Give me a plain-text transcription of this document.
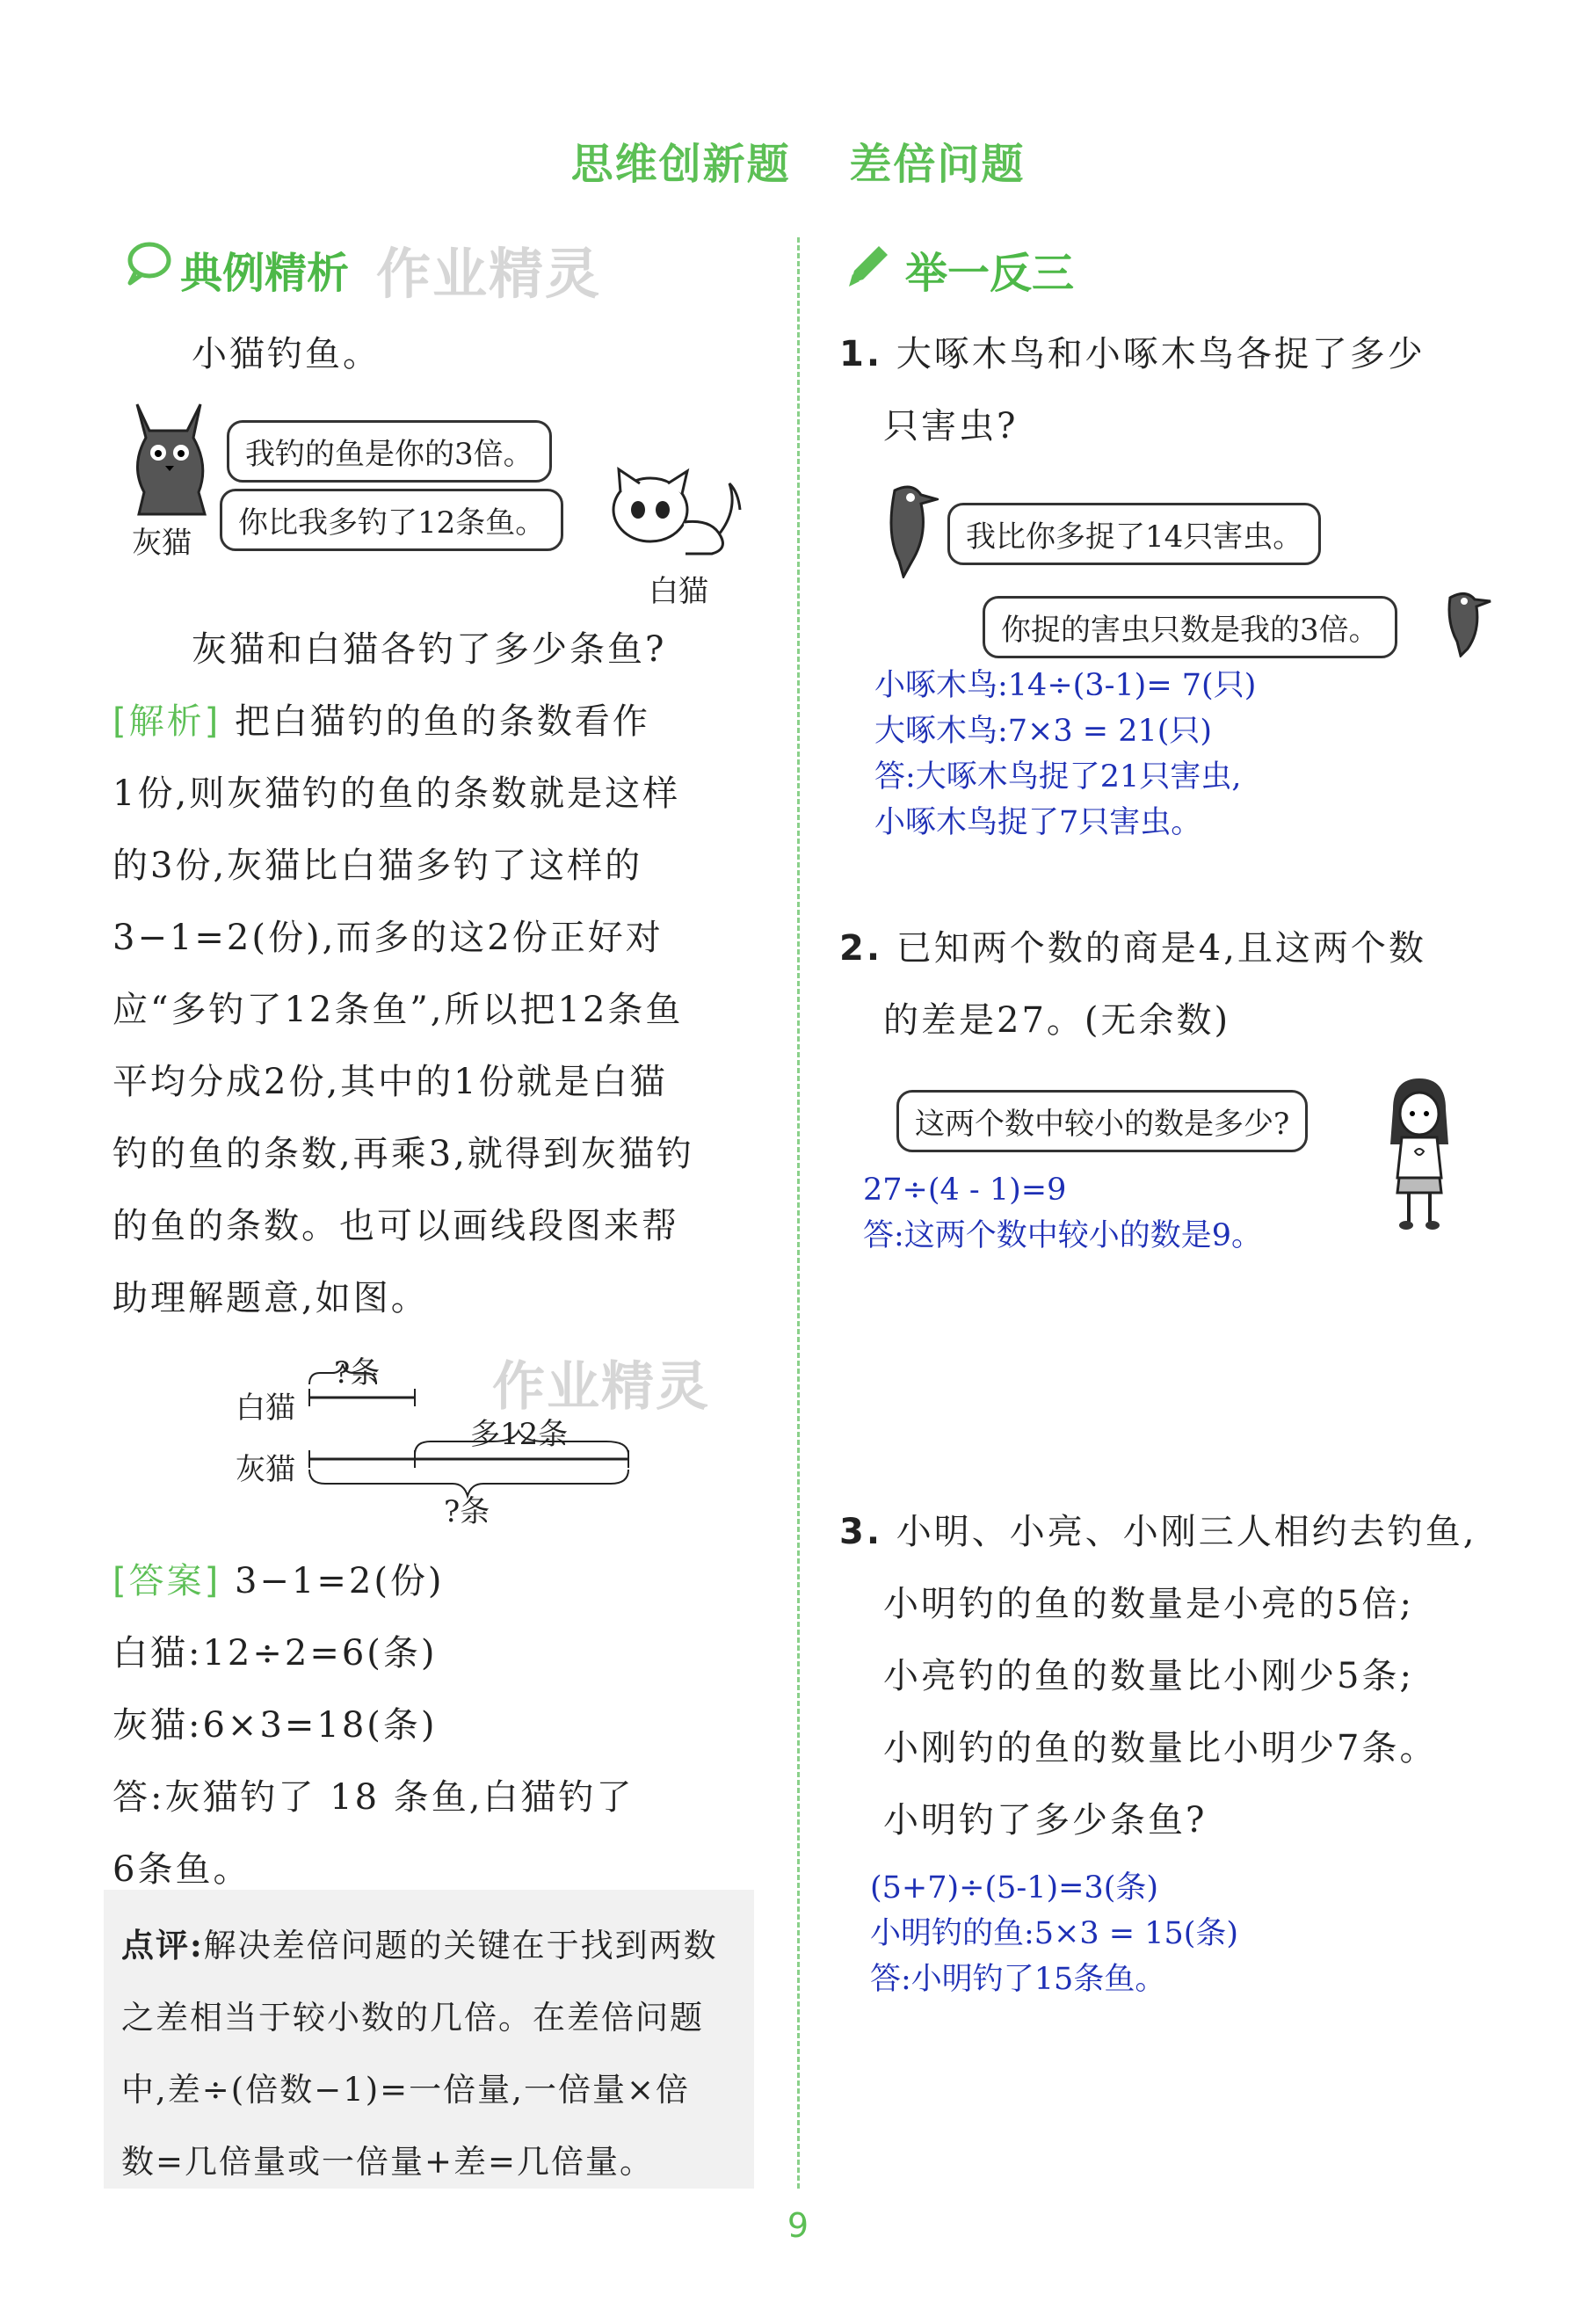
思维创新题 差倍问题
典例精析 作业精灵
小猫钓鱼。
灰猫
我钓的鱼是你的3倍。
你比我多钓了12条鱼。
白猫
灰猫和白猫各钓了多少条鱼?
[解析] 把白猫钓的鱼的条数看作
1份,则灰猫钓的鱼的条数就是这样
的3份,灰猫比白猫多钓了这样的
3−1=2(份),而多的这2份正好对
应“多钓了12条鱼”,所以把12条鱼
平均分成2份,其中的1份就是白猫
钓的鱼的条数,再乘3,就得到灰猫钓
的鱼的条数。也可以画线段图来帮
助理解题意,如图。
?条
白猫
多12条
灰猫
?条
作业精灵
[答案] 3−1=2(份)
白猫:12÷2=6(条)
灰猫:6×3=18(条)
答:灰猫钓了 18 条鱼,白猫钓了
6条鱼。
点评:解决差倍问题的关键在于找到两数
之差相当于较小数的几倍。在差倍问题
中,差÷(倍数−1)=一倍量,一倍量×倍
数=几倍量或一倍量+差=几倍量。
举一反三
1. 大啄木鸟和小啄木鸟各捉了多少
只害虫?
我比你多捉了14只害虫。
你捉的害虫只数是我的3倍。
小啄木鸟:14÷(3-1)= 7(只)
大啄木鸟:7×3 = 21(只)
答:大啄木鸟捉了21只害虫,
小啄木鸟捉了7只害虫。
2. 已知两个数的商是4,且这两个数
的差是27。(无余数)
这两个数中较小的数是多少?
27÷(4 - 1)=9
答:这两个数中较小的数是9。
3. 小明、小亮、小刚三人相约去钓鱼,
小明钓的鱼的数量是小亮的5倍;
小亮钓的鱼的数量比小刚少5条;
小刚钓的鱼的数量比小明少7条。
小明钓了多少条鱼?
(5+7)÷(5-1)=3(条)
小明钓的鱼:5×3 = 15(条)
答:小明钓了15条鱼。
9
